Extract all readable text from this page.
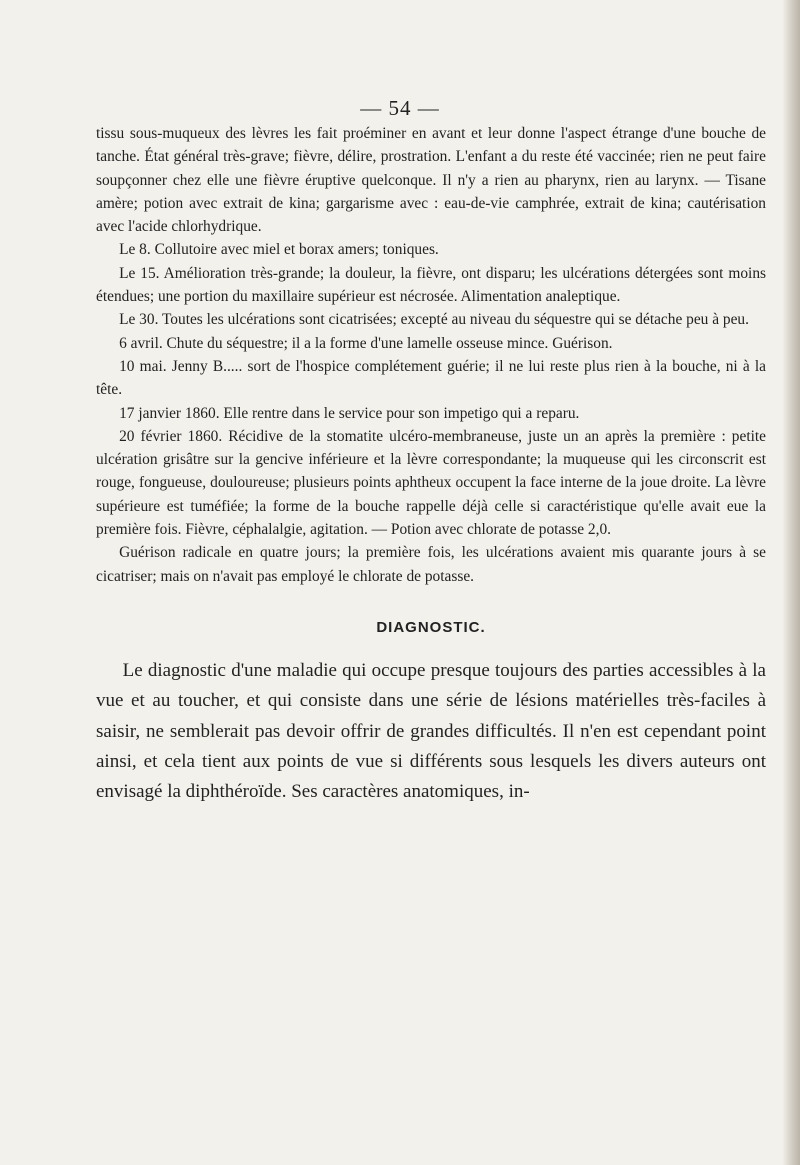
— 54 —

tissu sous-muqueux des lèvres les fait proéminer en avant et leur donne l'aspect étrange d'une bouche de tanche. État général très-grave; fièvre, délire, prostration. L'enfant a du reste été vaccinée; rien ne peut faire soupçonner chez elle une fièvre éruptive quelconque. Il n'y a rien au pharynx, rien au larynx. — Tisane amère; potion avec extrait de kina; gargarisme avec : eau-de-vie camphrée, extrait de kina; cautérisation avec l'acide chlorhydrique.

Le 8. Collutoire avec miel et borax amers; toniques.

Le 15. Amélioration très-grande; la douleur, la fièvre, ont disparu; les ulcérations détergées sont moins étendues; une portion du maxillaire supérieur est nécrosée. Alimentation analeptique.

Le 30. Toutes les ulcérations sont cicatrisées; excepté au niveau du séquestre qui se détache peu à peu.

6 avril. Chute du séquestre; il a la forme d'une lamelle osseuse mince. Guérison.

10 mai. Jenny B..... sort de l'hospice complétement guérie; il ne lui reste plus rien à la bouche, ni à la tête.

17 janvier 1860. Elle rentre dans le service pour son impetigo qui a reparu.

20 février 1860. Récidive de la stomatite ulcéro-membraneuse, juste un an après la première : petite ulcération grisâtre sur la gencive inférieure et la lèvre correspondante; la muqueuse qui les circonscrit est rouge, fongueuse, douloureuse; plusieurs points aphtheux occupent la face interne de la joue droite. La lèvre supérieure est tuméfiée; la forme de la bouche rappelle déjà celle si caractéristique qu'elle avait eue la première fois. Fièvre, céphalalgie, agitation. — Potion avec chlorate de potasse 2,0.

Guérison radicale en quatre jours; la première fois, les ulcérations avaient mis quarante jours à se cicatriser; mais on n'avait pas employé le chlorate de potasse.

DIAGNOSTIC.

Le diagnostic d'une maladie qui occupe presque toujours des parties accessibles à la vue et au toucher, et qui consiste dans une série de lésions matérielles très-faciles à saisir, ne semblerait pas devoir offrir de grandes difficultés. Il n'en est cependant point ainsi, et cela tient aux points de vue si différents sous lesquels les divers auteurs ont envisagé la diphthéroïde. Ses caractères anatomiques, in-
